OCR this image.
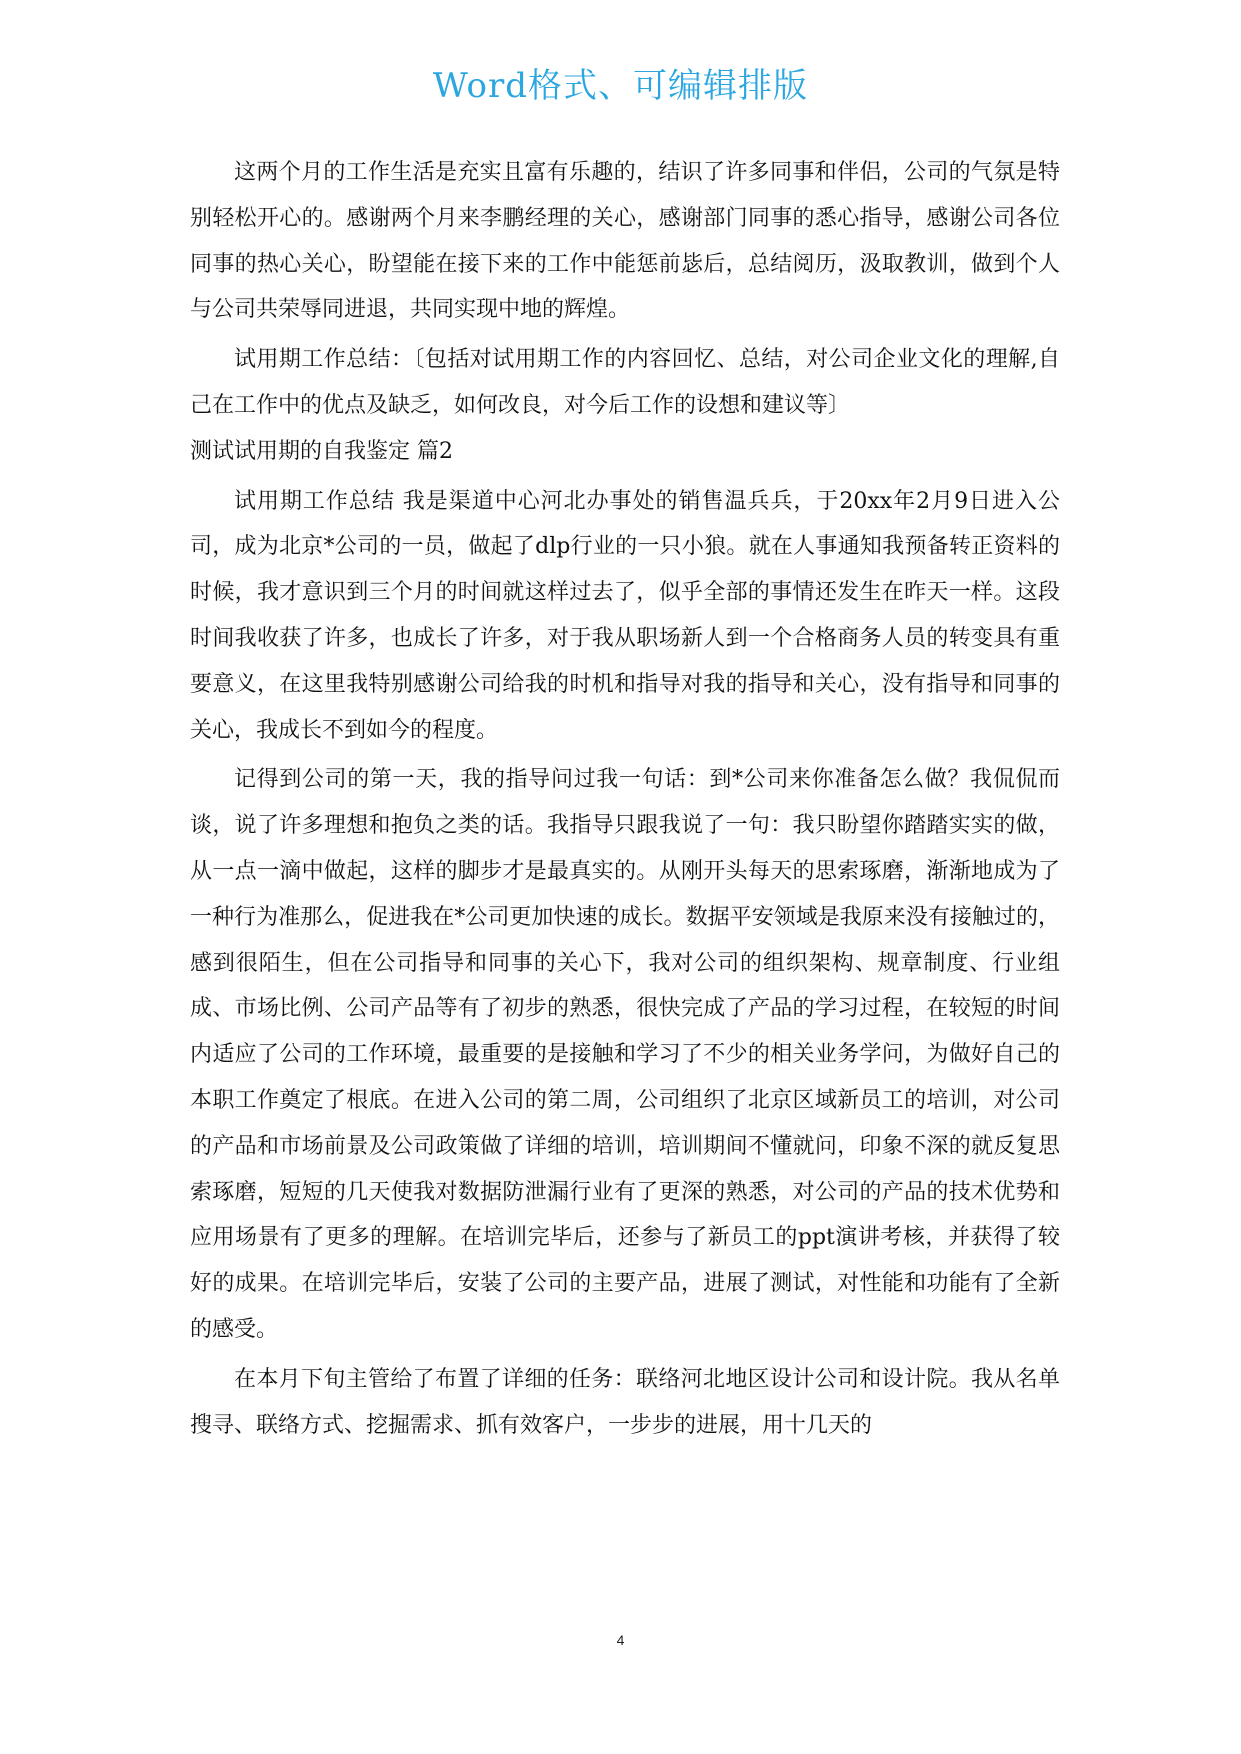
Word格式、可编辑排版

这两个月的工作生活是充实且富有乐趣的，结识了许多同事和伴侣，公司的气氛是特别轻松开心的。感谢两个月来李鹏经理的关心，感谢部门同事的悉心指导，感谢公司各位同事的热心关心，盼望能在接下来的工作中能惩前毖后，总结阅历，汲取教训，做到个人与公司共荣辱同进退，共同实现中地的辉煌。

试用期工作总结：〔包括对试用期工作的内容回忆、总结，对公司企业文化的理解,自己在工作中的优点及缺乏，如何改良，对今后工作的设想和建议等〕

测试试用期的自我鉴定 篇2

试用期工作总结 我是渠道中心河北办事处的销售温兵兵，于20xx年2月9日进入公司，成为北京*公司的一员，做起了dlp行业的一只小狼。就在人事通知我预备转正资料的时候，我才意识到三个月的时间就这样过去了，似乎全部的事情还发生在昨天一样。这段时间我收获了许多，也成长了许多，对于我从职场新人到一个合格商务人员的转变具有重要意义，在这里我特别感谢公司给我的时机和指导对我的指导和关心，没有指导和同事的关心，我成长不到如今的程度。

记得到公司的第一天，我的指导问过我一句话：到*公司来你准备怎么做？我侃侃而谈，说了许多理想和抱负之类的话。我指导只跟我说了一句：我只盼望你踏踏实实的做，从一点一滴中做起，这样的脚步才是最真实的。从刚开头每天的思索琢磨，渐渐地成为了一种行为准那么，促进我在*公司更加快速的成长。数据平安领域是我原来没有接触过的，感到很陌生，但在公司指导和同事的关心下，我对公司的组织架构、规章制度、行业组成、市场比例、公司产品等有了初步的熟悉，很快完成了产品的学习过程，在较短的时间内适应了公司的工作环境，最重要的是接触和学习了不少的相关业务学问，为做好自己的本职工作奠定了根底。在进入公司的第二周，公司组织了北京区域新员工的培训，对公司的产品和市场前景及公司政策做了详细的培训，培训期间不懂就问，印象不深的就反复思索琢磨，短短的几天使我对数据防泄漏行业有了更深的熟悉，对公司的产品的技术优势和应用场景有了更多的理解。在培训完毕后，还参与了新员工的ppt演讲考核，并获得了较好的成果。在培训完毕后，安装了公司的主要产品，进展了测试，对性能和功能有了全新的感受。

在本月下旬主管给了布置了详细的任务：联络河北地区设计公司和设计院。我从名单搜寻、联络方式、挖掘需求、抓有效客户，一步步的进展，用十几天的

4
